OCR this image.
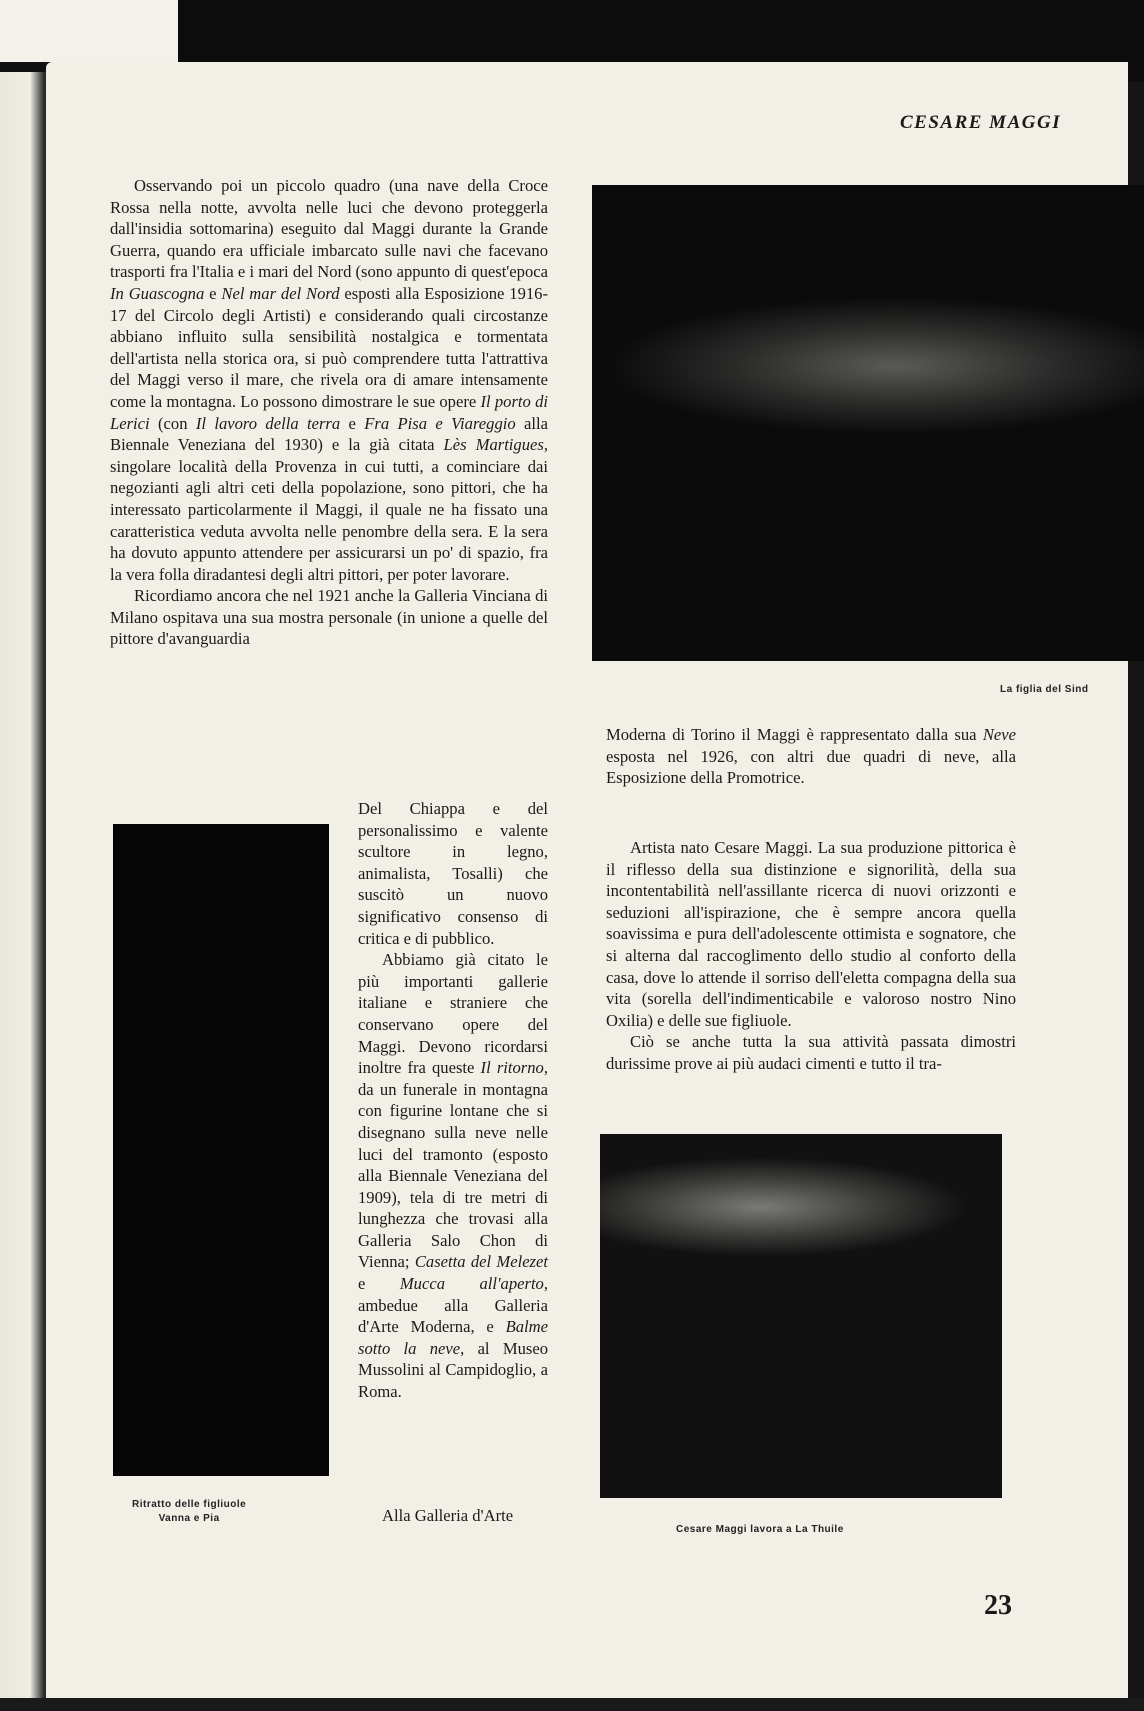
CESARE MAGGI

Osservando poi un piccolo quadro (una nave della Croce Rossa nella notte, avvolta nelle luci che devono proteggerla dall'insidia sottomarina) eseguito dal Maggi durante la Grande Guerra, quando era ufficiale imbarcato sulle navi che facevano trasporti fra l'Italia e i mari del Nord (sono appunto di quest'epoca In Guascogna e Nel mar del Nord esposti alla Esposizione 1916-17 del Circolo degli Artisti) e considerando quali circostanze abbiano influito sulla sensibilità nostalgica e tormentata dell'artista nella storica ora, si può comprendere tutta l'attrattiva del Maggi verso il mare, che rivela ora di amare intensamente come la montagna. Lo possono dimostrare le sue opere Il porto di Lerici (con Il lavoro della terra e Fra Pisa e Viareggio alla Biennale Veneziana del 1930) e la già citata Lès Martigues, singolare località della Provenza in cui tutti, a cominciare dai negozianti agli altri ceti della popolazione, sono pittori, che ha interessato particolarmente il Maggi, il quale ne ha fissato una caratteristica veduta avvolta nelle penombre della sera. E la sera ha dovuto appunto attendere per assicurarsi un po' di spazio, fra la vera folla diradantesi degli altri pittori, per poter lavorare.

Ricordiamo ancora che nel 1921 anche la Galleria Vinciana di Milano ospitava una sua mostra personale (in unione a quelle del pittore d'avanguardia

Del Chiappa e del personalissimo e valente scultore in legno, animalista, Tosalli) che suscitò un nuovo significativo consenso di critica e di pubblico.

Abbiamo già citato le più importanti gallerie italiane e straniere che conservano opere del Maggi. Devono ricordarsi inoltre fra queste Il ritorno, da un funerale in montagna con figurine lontane che si disegnano sulla neve nelle luci del tramonto (esposto alla Biennale Veneziana del 1909), tela di tre metri di lunghezza che trovasi alla Galleria Salo Chon di Vienna; Casetta del Melezet e Mucca all'aperto, ambedue alla Galleria d'Arte Moderna, e Balme sotto la neve, al Museo Mussolini al Campidoglio, a Roma.

Alla Galleria d'Arte

Moderna di Torino il Maggi è rappresentato dalla sua Neve esposta nel 1926, con altri due quadri di neve, alla Esposizione della Promotrice.

Artista nato Cesare Maggi. La sua produzione pittorica è il riflesso della sua distinzione e signorilità, della sua incontentabilità nell'assillante ricerca di nuovi orizzonti e seduzioni all'ispirazione, che è sempre ancora quella soavissima e pura dell'adolescente ottimista e sognatore, che si alterna dal raccoglimento dello studio al conforto della casa, dove lo attende il sorriso dell'eletta compagna della sua vita (sorella dell'indimenticabile e valoroso nostro Nino Oxilia) e delle sue figliuole.

Ciò se anche tutta la sua attività passata dimostri durissime prove ai più audaci cimenti e tutto il tra-

La figlia del Sind
Ritratto delle figliuole
Vanna e Pia
Cesare Maggi lavora a La Thuile
23
